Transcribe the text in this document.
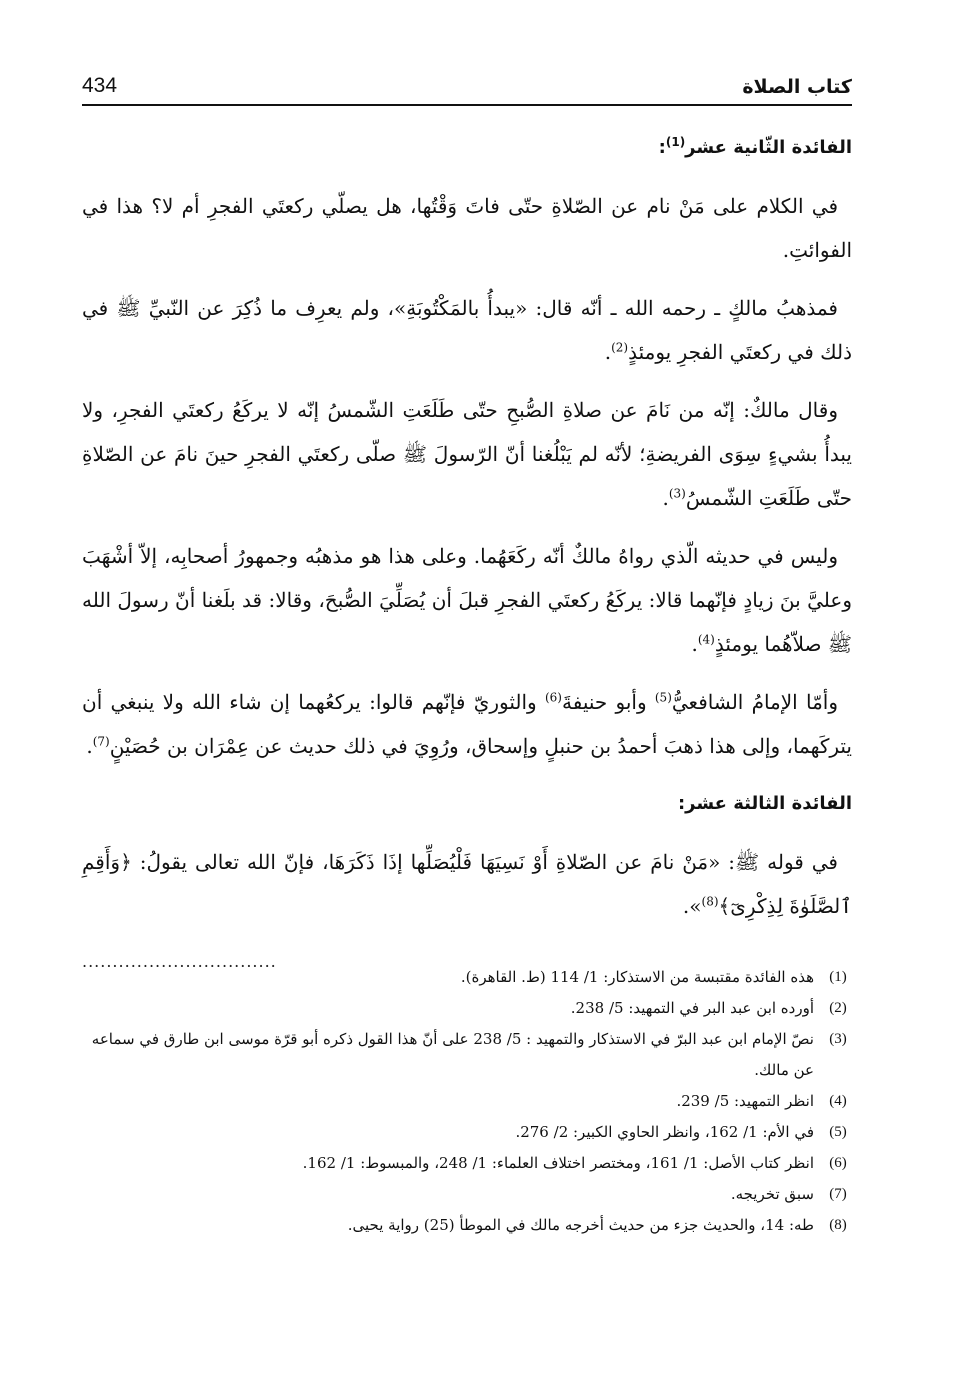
434	كتاب الصلاة
الفائدة الثّانية عشر$^{(1)}$:

في الكلام على مَنْ نام عن الصّلاةِ حتّى فاتَ وَقْتُها، هل يصلّي ركعتَي الفجرِ أم لا؟ هذا في الفوائتِ.

فمذهبُ مالكٍ ـ رحمه الله ـ أنّه قال: «يبدأُ بالمَكْتُوبَةِ»، ولم يعرِف ما ذُكِرَ عن النّبيِّ ﷺ في ذلك في ركعتَي الفجرِ يومئذٍ$^{(2)}$.

وقال مالكٌ: إنّه من نَامَ عن صلاةِ الصُّبحِ حتّى طَلَعَتِ الشّمسُ إنّه لا يركَعُ ركعتَي الفجرِ، ولا يبدأُ بشيءٍ سِوَى الفريضةِ؛ لأنّه لم يَبْلُغنا أنّ الرّسولَ ﷺ صلّى ركعتَي الفجرِ حينَ نامَ عن الصّلاةِ حتّى طَلَعَتِ الشّمسُ$^{(3)}$.

وليس في حديثه الّذي رواهُ مالكٌ أنّه ركَعَهُما. وعلى هذا هو مذهبُه وجمهورُ أصحابِه، إلاّ أشْهَبَ وعليَّ بنَ زيادٍ فإنّهما قالا: يركَعُ ركعتَي الفجرِ قبلَ أن يُصَلِّيَ الصُّبحَ، وقالا: قد بلَغنا أنّ رسولَ الله ﷺ صلاّهُما يومئذٍ$^{(4)}$.

وأمّا الإمامُ الشافعيُّ$^{(5)}$ وأبو حنيفةَ$^{(6)}$ والثوريّ فإنّهم قالوا: يركعُهما إن شاء الله ولا ينبغي أن يتركَهما، وإلى هذا ذهبَ أحمدُ بن حنبلٍ وإسحاق، ورُوِيَ في ذلك حديث عن عِمْرَان بن حُصَيْنٍ$^{(7)}$.

الفائدة الثالثة عشر:

في قوله ﷺ: «مَنْ نامَ عن الصّلاةِ أَوْ نَسِيَهَا فَلْيُصَلِّها إذَا ذَكَرَهَا، فإنّ الله تعالى يقولُ: ﴿وَأَقِمِ ٱلصَّلَوٰةَ لِذِكْرِىٓ﴾$^{(8)}$».

................................
(1)
هذه الفائدة مقتبسة من الاستذكار: 1/ 114 (ط. القاهرة).
(2)
أورده ابن عبد البر في التمهيد: 5/ 238.
(3)
نصّ الإمام ابن عبد البرّ في الاستذكار والتمهيد : 5/ 238 على أنّ هذا القول ذكره أبو قرّة موسى ابن طارق في سماعه عن مالك.
(4)
انظر التمهيد: 5/ 239.
(5)
في الأم: 1/ 162، وانظر الحاوي الكبير: 2/ 276.
(6)
انظر كتاب الأصل: 1/ 161، ومختصر اختلاف العلماء: 1/ 248، والمبسوط: 1/ 162.
(7)
سبق تخريجه.
(8)
طه: 14، والحديث جزء من حديث أخرجه مالك في الموطأ (25) رواية يحيى.
